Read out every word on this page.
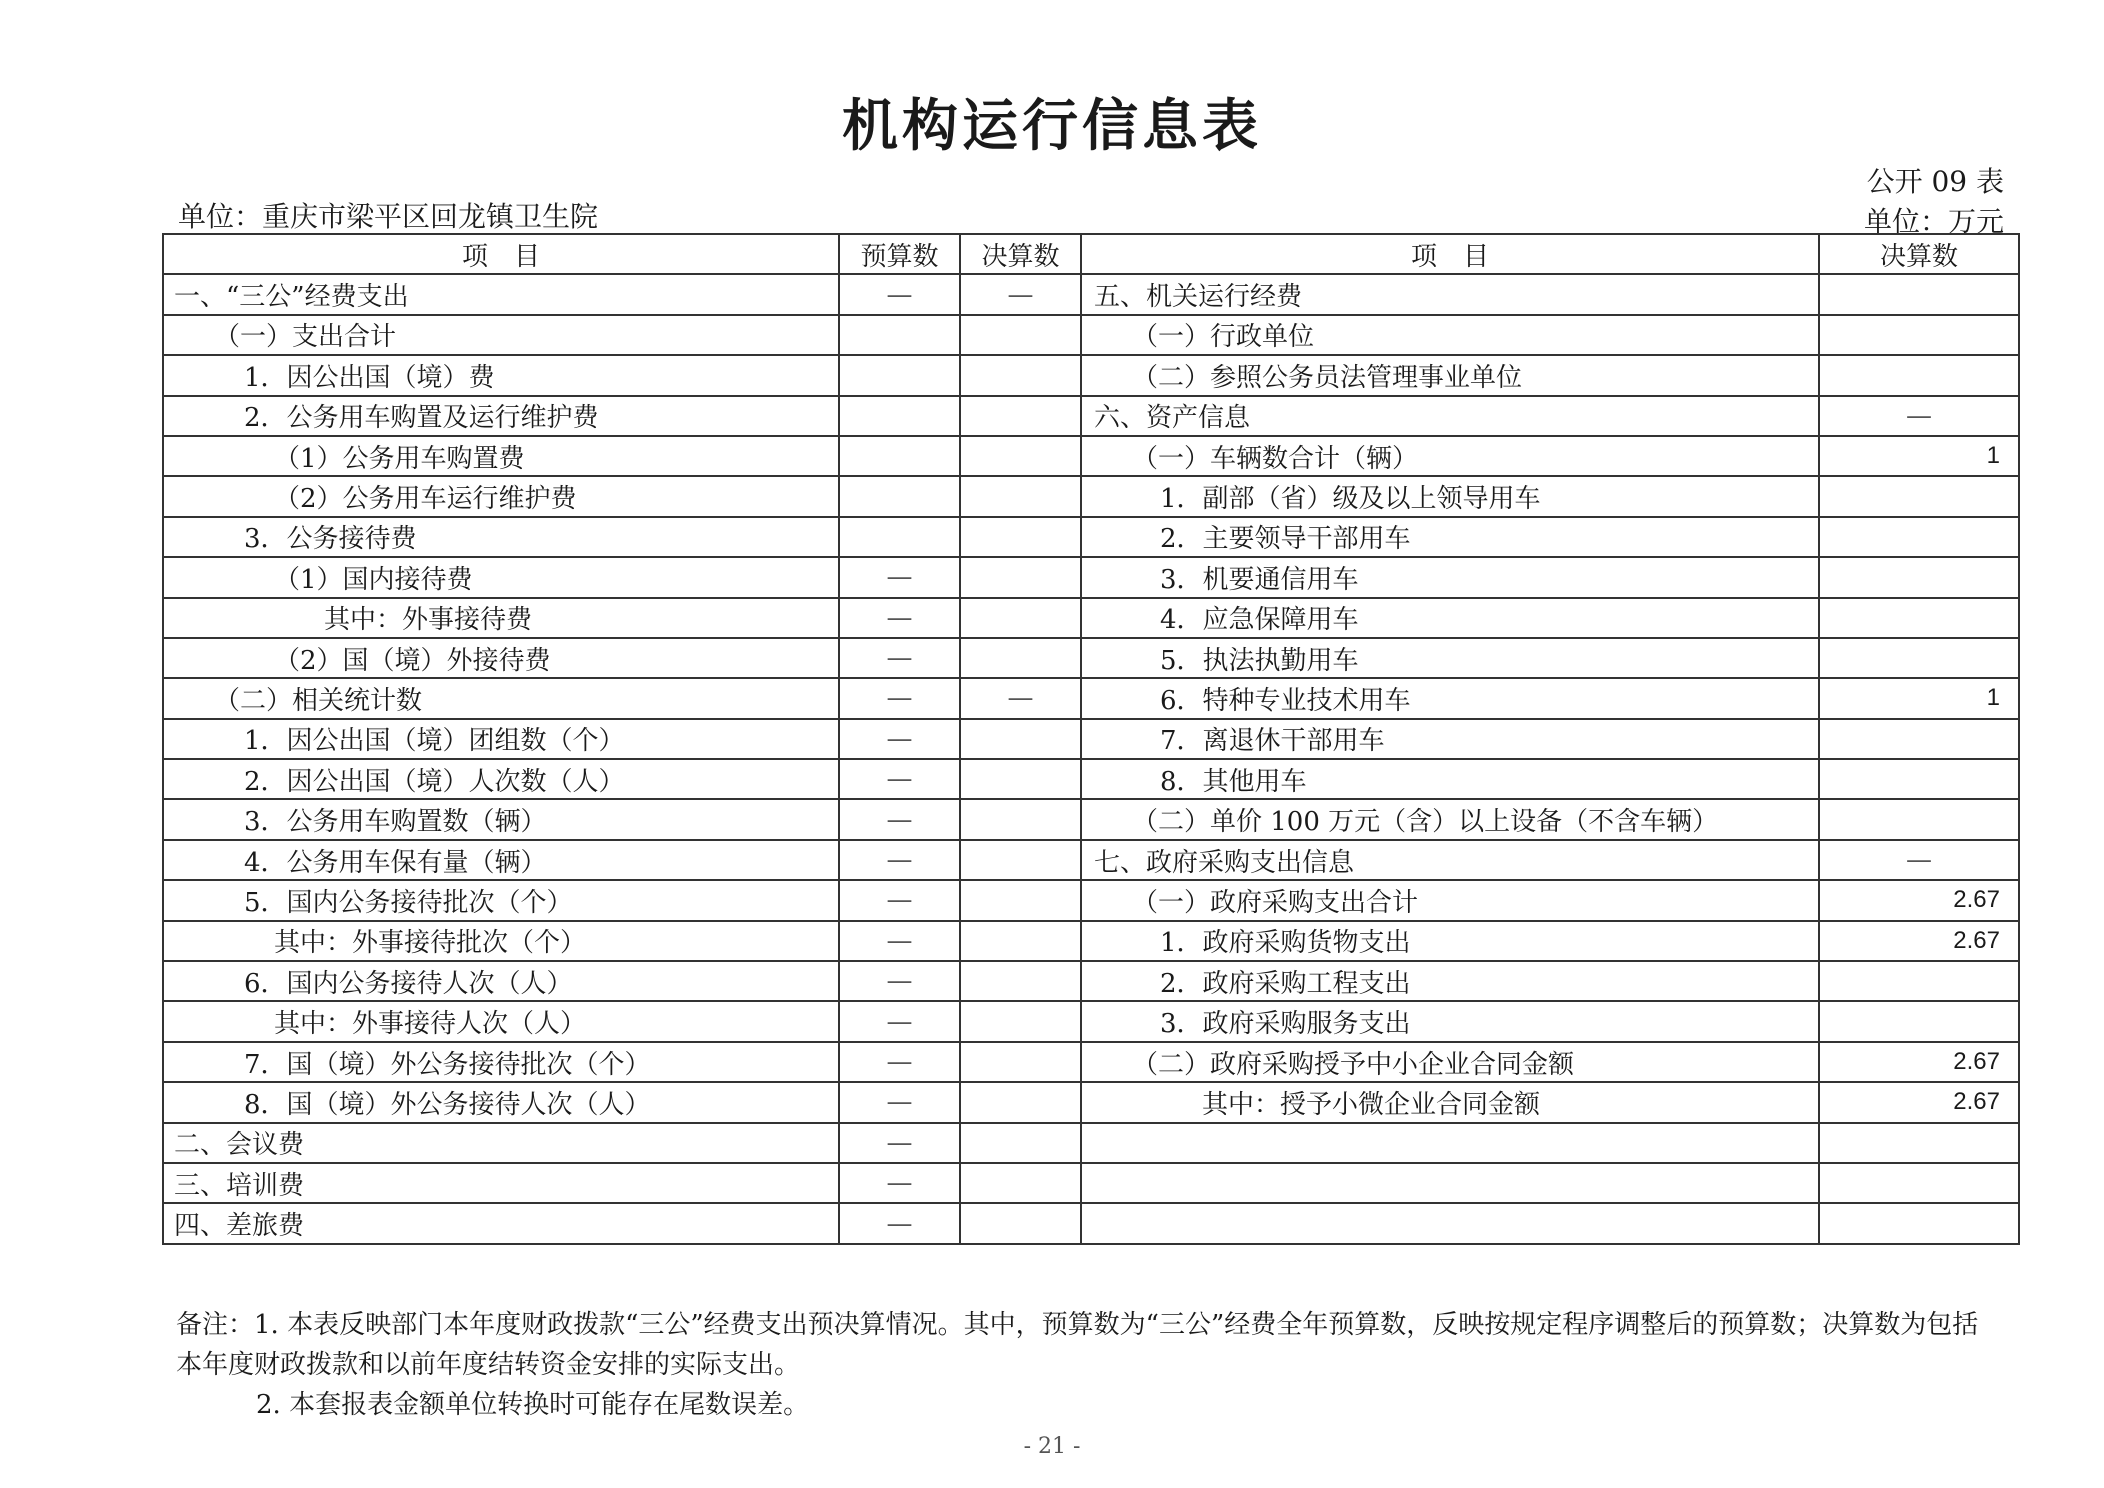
机构运行信息表
公开 09 表
单位：重庆市梁平区回龙镇卫生院	单位：万元
项　目	预算数	决算数	项　目	决算数
一、“三公”经费支出	—	—	五、机关运行经费	
（一）支出合计			（一）行政单位	
1．因公出国（境）费			（二）参照公务员法管理事业单位	
2．公务用车购置及运行维护费			六、资产信息	—
（1）公务用车购置费			（一）车辆数合计（辆）	1
（2）公务用车运行维护费			1．副部（省）级及以上领导用车	
3．公务接待费			2．主要领导干部用车	
（1）国内接待费	—		3．机要通信用车	
其中：外事接待费	—		4．应急保障用车	
（2）国（境）外接待费	—		5．执法执勤用车	
（二）相关统计数	—	—	6．特种专业技术用车	1
1．因公出国（境）团组数（个）	—		7．离退休干部用车	
2．因公出国（境）人次数（人）	—		8．其他用车	
3．公务用车购置数（辆）	—		（二）单价 100 万元（含）以上设备（不含车辆）	
4．公务用车保有量（辆）	—		七、政府采购支出信息	—
5．国内公务接待批次（个）	—		（一）政府采购支出合计	2.67
其中：外事接待批次（个）	—		1．政府采购货物支出	2.67
6．国内公务接待人次（人）	—		2．政府采购工程支出	
其中：外事接待人次（人）	—		3．政府采购服务支出	
7．国（境）外公务接待批次（个）	—		（二）政府采购授予中小企业合同金额	2.67
8．国（境）外公务接待人次（人）	—		其中：授予小微企业合同金额	2.67
二、会议费	—			
三、培训费	—			
四、差旅费	—			
备注：1. 本表反映部门本年度财政拨款“三公”经费支出预决算情况。其中，预算数为“三公”经费全年预算数，反映按规定程序调整后的预算数；决算数为包括本年度财政拨款和以前年度结转资金安排的实际支出。
2. 本套报表金额单位转换时可能存在尾数误差。
- 21 -
